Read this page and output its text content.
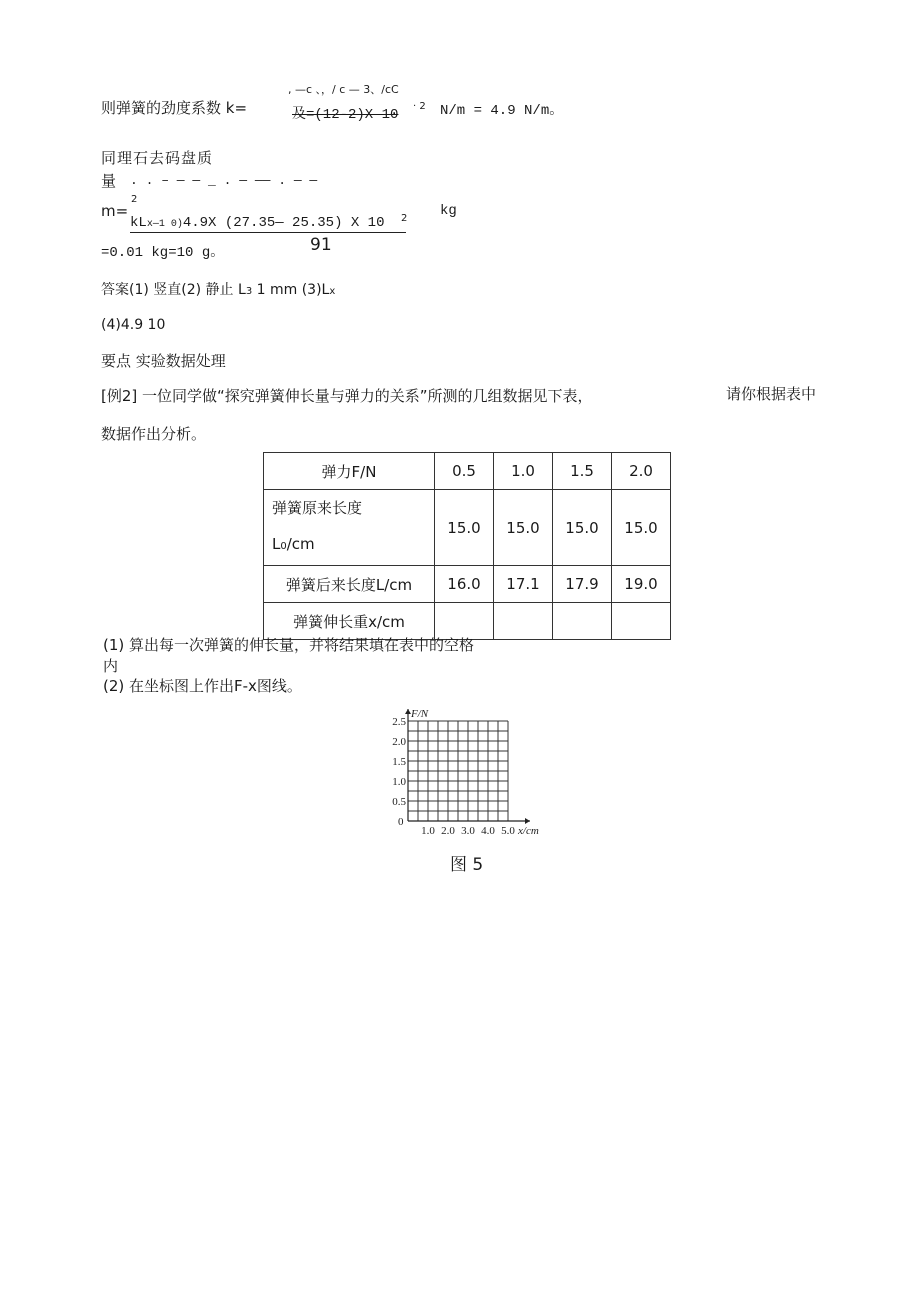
, —c 、，/ c — 3、/cC
则弹簧的劲度系数 k=	及=(12-2)X 10
· 2 N/m = 4.9 N/m。
同理石去码盘质
量 . . – — — _ . — —— . — —
2
m=
kLx—1 0)4.9X (27.35— 25.35) X 10	2 kg
91
=0.01 kg=10 g。
答案(1) 竖直(2) 静止 L3 1 mm (3)Lx
(4)4.9 10
要点 实验数据处理
[例2] 一位同学做“探究弹簧伸长量与弹力的关系”所测的几组数据见下表，	请你根据表中
数据作出分析。
弹力F/N	0.5	1.0	1.5	2.0

弹簧原来长度
L0/cm	15.0	15.0	15.0	15.0
弹簧后来长度L/cm	16.0	17.1	17.9	19.0
弹簧伸长重x/cm				
(1) 算出每一次弹簧的伸长量，并将结果填在表中的空格
内
(2) 在坐标图上作出F-x图线。
F/N
x/cm
0
0.5
1.0
1.5
2.0
2.5
1.0 2.0 3.0 4.0 5.0
图 5
